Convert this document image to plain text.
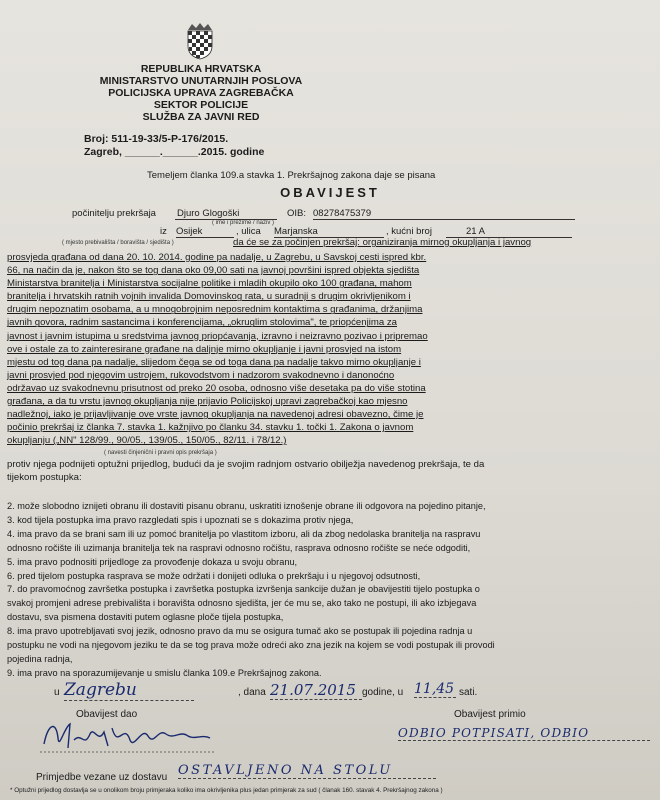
REPUBLIKA HRVATSKA
MINISTARSTVO UNUTARNJIH POSLOVA
POLICIJSKA UPRAVA ZAGREBAČKA
SEKTOR POLICIJE
SLUŽBA ZA JAVNI RED
Broj: 511-19-33/5-P-176/2015.
Zagreb, ______.______.2015. godine
Temeljem članka 109.a stavka 1. Prekršajnog zakona daje se pisana
OBAVIJEST
počinitelju prekršaja Djuro Glogoški	OIB: 08278475379
( ime i prezime / naziv )
iz Osijek	, ulica Marjanska	, kućni broj	21 A
( mjesto prebivališta / boravišta / sjedišta )	da će se za počinjen prekršaj: organiziranja mirnog okupljanja i javnog
prosvjeda građana od dana 20. 10. 2014. godine pa nadalje, u Zagrebu, u Savskoj cesti ispred kbr.
66, na način da je, nakon što se tog dana oko 09,00 sati na javnoj površini ispred objekta sjedišta
Ministarstva branitelja i Ministarstva socijalne politike i mladih okupilo oko 100 građana, mahom
branitelja i hrvatskih ratnih vojnih invalida Domovinskog rata, u suradnji s drugim okrivljenikom i
drugim nepoznatim osobama, a u mnogobrojnim neposrednim kontaktima s građanima, držanjima
javnih govora, radnim sastancima i konferencijama, „okruglim stolovima", te priopćenjima za
javnost i javnim istupima u sredstvima javnog priopćavanja, izravno i neizravno pozivao i pripremao
ove i ostale za to zainteresirane građane na daljnje mirno okupljanje i javni prosvjed na istom
mjestu od tog dana pa nadalje, slijedom čega se od toga dana pa nadalje takvo mirno okupljanje i
javni prosvjed pod njegovim ustrojem, rukovodstvom i nadzorom svakodnevno i danonoćno
održavao uz svakodnevnu prisutnost od preko 20 osoba, odnosno više desetaka pa do više stotina
građana, a da tu vrstu javnog okupljanja nije prijavio Policijskoj upravi zagrebačkoj kao mjesno
nadležnoj, iako je prijavljivanje ove vrste javnog okupljanja na navedenoj adresi obavezno, čime je
počinio prekršaj iz članka 7. stavka 1. kažnjivo po članku 34. stavku 1. točki 1. Zakona o javnom
okupljanju („NN" 128/99., 90/05., 139/05., 150/05., 82/11. i 78/12.)
( navesti činjenični i pravni opis prekršaja )
protiv njega podnijeti optužni prijedlog, budući da je svojim radnjom ostvario obilježja navedenog prekršaja, te da
tijekom postupka:

2. može slobodno iznijeti obranu ili dostaviti pisanu obranu, uskratiti iznošenje obrane ili odgovora na pojedino pitanje,

3. kod tijela postupka ima pravo razgledati spis i upoznati se s dokazima protiv njega,

4. ima pravo da se brani sam ili uz pomoć branitelja po vlastitom izboru, ali da zbog nedolaska branitelja na raspravu

odnosno ročište ili uzimanja branitelja tek na raspravi odnosno ročištu, rasprava odnosno ročište se neće odgoditi,

5. ima pravo podnositi prijedloge za provođenje dokaza u svoju obranu,

6. pred tijelom postupka rasprava se može održati i donijeti odluka o prekršaju i u njegovoj odsutnosti,

7. do pravomoćnog završetka postupka i završetka postupka izvršenja sankcije dužan je obavijestiti tijelo postupka o

svakoj promjeni adrese prebivališta i boravišta odnosno sjedišta, jer će mu se, ako tako ne postupi, ili ako izbjegava

dostavu, sva pismena dostaviti putem oglasne ploče tijela postupka,

8. ima pravo upotrebljavati svoj jezik, odnosno pravo da mu se osigura tumač ako se postupak ili pojedina radnja u

postupku ne vodi na njegovom jeziku te da se tog prava može odreći ako zna jezik na kojem se vodi postupak ili provodi

pojedina radnja,

9. ima pravo na sporazumijevanje u smislu članka 109.e Prekršajnog zakona.

u Zagrebu	, dana 21.07.2015 godine, u 11,45 sati.
Obavijest dao	Obavijest primio
ODBIO POTPISATI, ODBIO
Primjedbe vezane uz dostavu OSTAVLJENO NA STOLU
* Optužni prijedlog dostavlja se u onolikom broju primjeraka koliko ima okrivljenika plus jedan primjerak za sud ( članak 160. stavak 4. Prekršajnog zakona )
